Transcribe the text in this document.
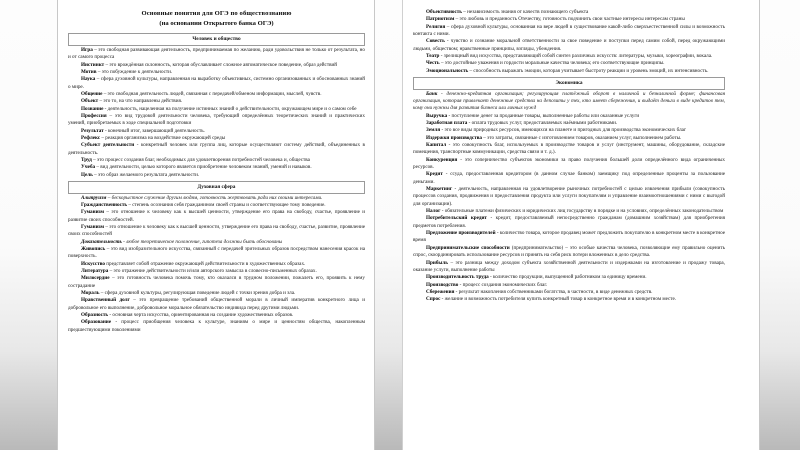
Основные понятия для ОГЭ по обществознанию
(на основании Открытого банка ОГЭ)
Человек и общество

Игра – это свободная развивающая деятельность, предпринимаемая по желанию, ради удовольствия не только от результата, но и от самого процесса

Инстинкт – это врождённая склонность, которая обуславливает сложное автоматическое поведение, образ действий

Мотив – это побуждение к деятельности.

Наука – сфера духовной культуры, направленная на выработку объективных, системно организованных и обоснованных знаний о мире.

Общение – это свободная деятельность людей, связанная с передачей/обменом информации, мыслей, чувств.

Объект – это то, на что направлены действия.

Познание - деятельность, нацеленная на получение истинных знаний о действительности, окружающем мире и о самом себе

Профессия – это вид трудовой деятельности человека, требующий определённых теоретических знаний и практических умений, приобретаемых в ходе специальной подготовки

Результат - конечный итог, завершающий деятельность.

Рефлекс – реакция организма на воздействие окружающей среды

Субъект деятельности - конкретный человек или группа лиц, которые осуществляют систему действий, объединенных в деятельность.

Труд – это процесс создания благ, необходимых для удовлетворения потребностей человека и, общества

Учеба – вид деятельности, целью которого является приобретение человеком знаний, умений и навыков.

Цель – это образ желаемого результата деятельности.

Духовная сфера

Альтруизм – бескорыстное служение другим людям, готовность жертвовать ради них своими интересами.

Гражданственность – степень осознания себя гражданином своей страны и соответствующее тому поведение.

Гуманизм – это отношение к человеку как к высшей ценности, утверждение его права на свободу, счастье, проявление и развитие своих способностей.

Гуманизм – это отношение к человеку как к высшей ценности, утверждение его права на свободу, счастье, развитие, проявление своих способностей

Доказательность - любое теоретическое положение, гипотеза должны быть обоснованы

Живопись – это вид изобразительного искусства, связанный с передачей зрительных образов посредством нанесения красок на поверхность.

Искусство представляет собой отражение окружающей действительности в художественных образах.

Литература – это отражение действительности и/или авторского замысла в словесно-письменных образах.

Милосердие – это готовность человека помочь тому, кто оказался в трудном положении, пожалеть его, проявить к нему сострадание

Мораль – сфера духовной культуры, регулирующая поведение людей с точки зрения добра и зла.

Нравственный долг – это превращение требований общественной морали в личный императив конкретного лица и добровольное его выполнение, добровольное моральное обязательство индивида перед другими людьми.

Образность - основная черта искусства, ориентированная на создание художественных образов.

Образование - процесс приобщения человека к культуре, знаниям о мире и ценностям общества, накопленным предшествующими поколениями

Объективность – независимость знания от качеств познающего субъекта

Патриотизм – это любовь и преданность Отечеству, готовность подчинить свои частные интересы интересам страны

Религия – сфера духовной культуры, основанная на вере людей в существование какой-либо сверхъестественной силы и возможность контакта с ними.

Совесть - чувство и сознание моральной ответственности за свое поведение и поступки перед самим собой, перед окружающими людьми, обществом; нравственные принципы, взгляды, убеждения.

Театр - зрелищный вид искусства, представляющий собой синтез различных искусств: литературы, музыки, хореографии, вокала.

Честь – это достойные уважения и гордости моральные качества человека; его соответствующие принципы.

Эмоциональность – способность выражать эмоции, которая учитывает быстроту реакции и уровень эмоций, их интенсивность.

Экономика

Банк - денежно-кредитная организация; регулирующая платёжный оборот в наличной и безналичной форме; финансовая организация, которая привлекает денежные средства на депозиты у тех, кто имеет сбережения, и выдаёт деньги в виде кредитов тем, кому они нужны для развития бизнеса или личных нужд

Выручка - поступление денег за проданные товары, выполненные работы или оказанные услуги

Заработная плата - оплата трудовых услуг, предоставляемых наёмными работниками.

Земля - это все виды природных ресурсов, имеющихся на планете и пригодных для производства экономических благ

Издержки производства – это затраты, связанные с изготовлением товаров, оказанием услуг, выполнением работы.

Капитал - это совокупность благ, используемых в производстве товаров и услуг (инструмент, машины, оборудование, складские помещения, транспортные коммуникации, средства связи и т. д.).

Конкуренция - это соперничество субъектов экономики за право получения большей доли определённого вида ограниченных ресурсов.

Кредит - ссуда, предоставленная кредитором (в данном случае банком) заемщику под определенные проценты за пользование деньгами.

Маркетинг - деятельность, направленная на удовлетворение рыночных потребностей с целью извлечения прибыли (совокупность процессов создания, продвижения и предоставления продукта или услуги покупателям и управление взаимоотношениями с ними с выгодой для организации).

Налог - обязательные платежи физических и юридических лиц государству в порядке и на условиях, определённых законодательством

Потребительский кредит - кредит, предоставляемый непосредственно гражданам (домашним хозяйствам) для приобретения предметов потребления.

Предложение производителей - количество товара, которое продавец может предложить покупателю в конкретном месте в конкретное время

Предпринимательские способности (предпринимательство) – это особые качества человека, позволяющие ему правильно оценить спрос, скоординировать использование ресурсов и принять на себя риск потери вложенных в дело средства.

Прибыль – это разница между доходом субъекта хозяйственной деятельности и издержками на изготовление и продажу товара, оказание услуги, выполнение работы

Производительность труда - количество продукции, выпущенной работником за единицу времени.

Производство - процесс создания экономических благ.

Сбережения - результат накопления собственниками богатства, в частности, в виде денежных средств.

Спрос - желание и возможность потребителя купить конкретный товар в конкретное время и в конкретном месте.
